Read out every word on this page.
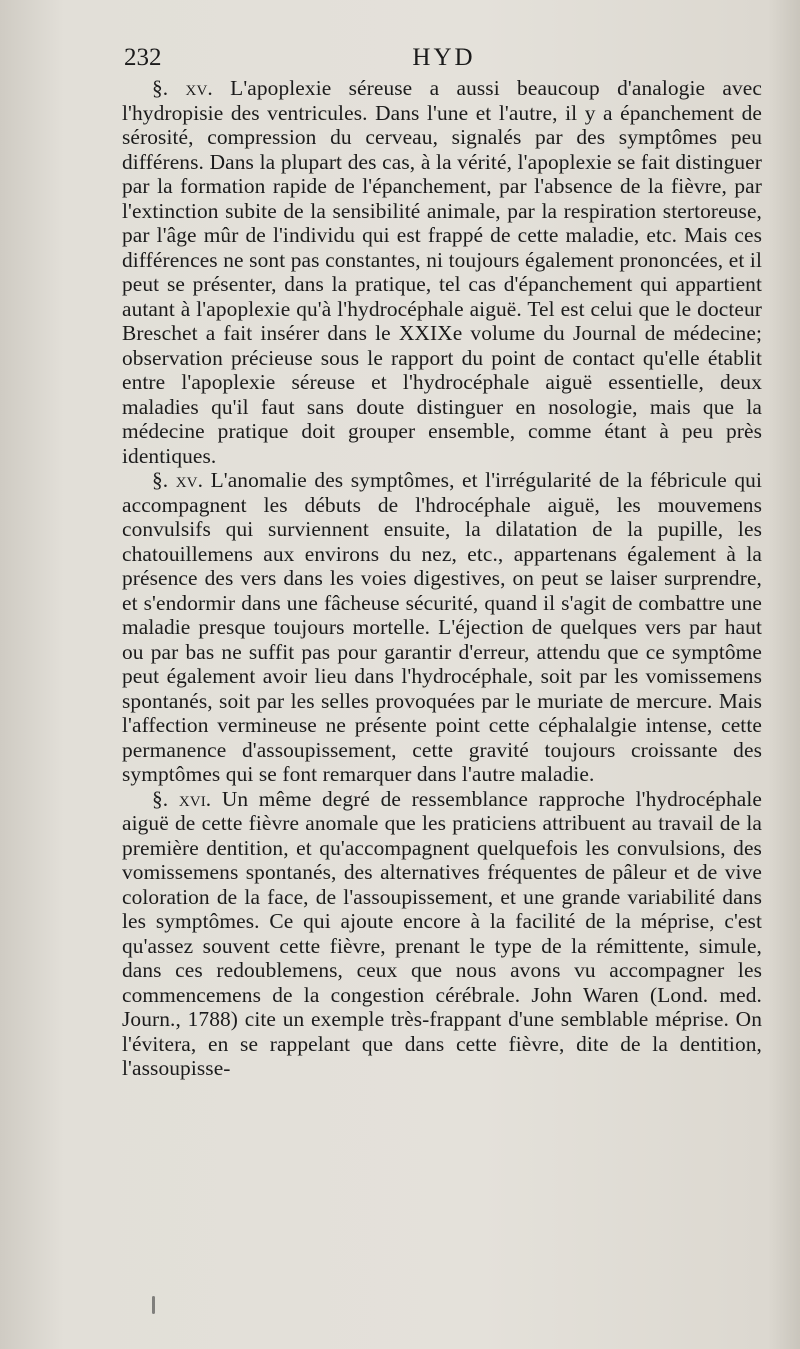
232	HYD

§. xv. L'apoplexie séreuse a aussi beaucoup d'analogie avec l'hydropisie des ventricules. Dans l'une et l'autre, il y a épanchement de sérosité, compression du cerveau, signalés par des symptômes peu différens. Dans la plupart des cas, à la vérité, l'apoplexie se fait distinguer par la formation rapide de l'épanchement, par l'absence de la fièvre, par l'extinction subite de la sensibilité animale, par la respiration stertoreuse, par l'âge mûr de l'individu qui est frappé de cette maladie, etc. Mais ces différences ne sont pas constantes, ni toujours également prononcées, et il peut se présenter, dans la pratique, tel cas d'épanchement qui appartient autant à l'apoplexie qu'à l'hydrocéphale aiguë. Tel est celui que le docteur Breschet a fait insérer dans le XXIXe volume du Journal de médecine; observation précieuse sous le rapport du point de contact qu'elle établit entre l'apoplexie séreuse et l'hydrocéphale aiguë essentielle, deux maladies qu'il faut sans doute distinguer en nosologie, mais que la médecine pratique doit grouper ensemble, comme étant à peu près identiques.

§. xv. L'anomalie des symptômes, et l'irrégularité de la fébricule qui accompagnent les débuts de l'hdrocéphale aiguë, les mouvemens convulsifs qui surviennent ensuite, la dilatation de la pupille, les chatouillemens aux environs du nez, etc., appartenans également à la présence des vers dans les voies digestives, on peut se laiser surprendre, et s'endormir dans une fâcheuse sécurité, quand il s'agit de combattre une maladie presque toujours mortelle. L'éjection de quelques vers par haut ou par bas ne suffit pas pour garantir d'erreur, attendu que ce symptôme peut également avoir lieu dans l'hydrocéphale, soit par les vomissemens spontanés, soit par les selles provoquées par le muriate de mercure. Mais l'affection vermineuse ne présente point cette céphalalgie intense, cette permanence d'assoupissement, cette gravité toujours croissante des symptômes qui se font remarquer dans l'autre maladie.

§. xvi. Un même degré de ressemblance rapproche l'hydrocéphale aiguë de cette fièvre anomale que les praticiens attribuent au travail de la première dentition, et qu'accompagnent quelquefois les convulsions, des vomissemens spontanés, des alternatives fréquentes de pâleur et de vive coloration de la face, de l'assoupissement, et une grande variabilité dans les symptômes. Ce qui ajoute encore à la facilité de la méprise, c'est qu'assez souvent cette fièvre, prenant le type de la rémittente, simule, dans ces redoublemens, ceux que nous avons vu accompagner les commencemens de la congestion cérébrale. John Waren (Lond. med. Journ., 1788) cite un exemple très-frappant d'une semblable méprise. On l'évitera, en se rappelant que dans cette fièvre, dite de la dentition, l'assoupisse-
